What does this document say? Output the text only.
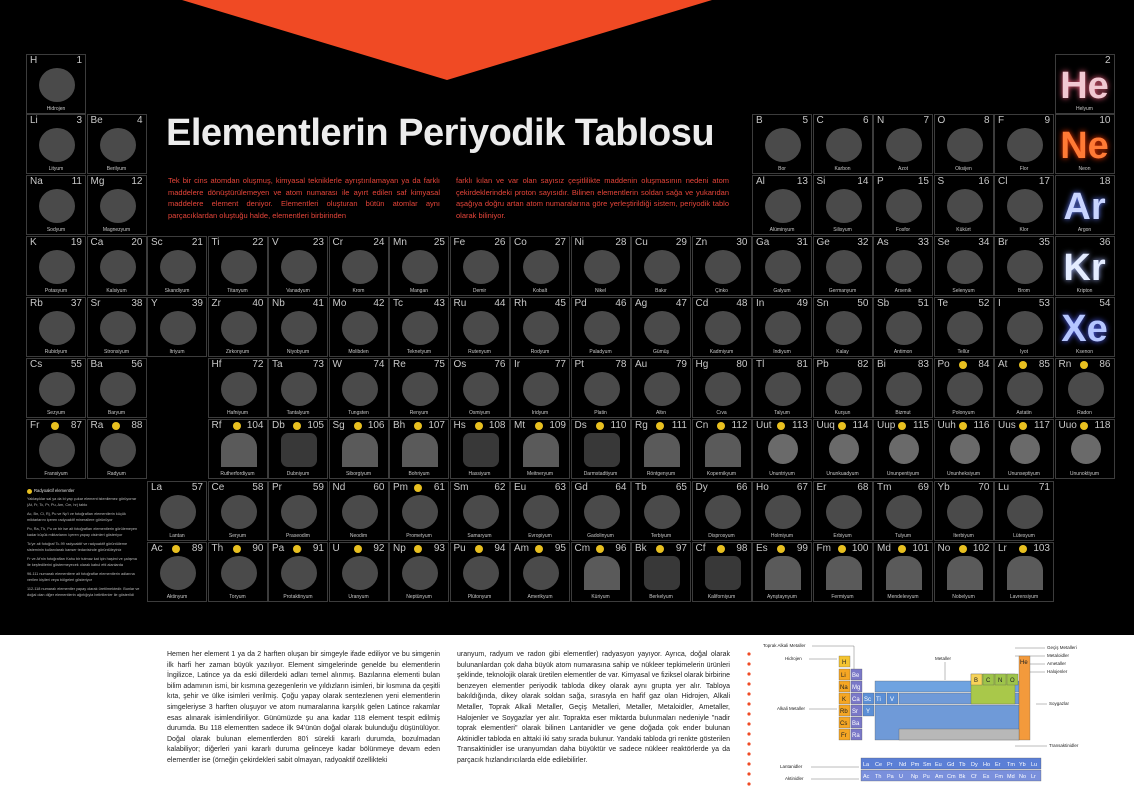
H	1
Hidrojen
2
He
Helyum
Li	3
Lityum
Be	4
Berilyum
B	5
Bor
C	6
Karbon
N	7
Azot
O	8
Oksijen
F	9
Flor
10
Ne
Neon
Na	11
Sodyum
Mg	12
Magnezyum
Al	13
Alüminyum
Si	14
Silisyum
P	15
Fosfor
S	16
Kükürt
Cl	17
Klor
18
Ar
Argon
K	19
Potasyum
Ca	20
Kalsiyum
Sc	21
Skandiyum
Ti	22
Titanyum
V	23
Vanadyum
Cr	24
Krom
Mn	25
Mangan
Fe	26
Demir
Co	27
Kobalt
Ni	28
Nikel
Cu	29
Bakır
Zn	30
Çinko
Ga	31
Galyum
Ge	32
Germanyum
As	33
Arsenik
Se	34
Selenyum
Br	35
Brom
36
Kr
Kripton
Rb	37
Rubidyum
Sr	38
Stronsiyum
Y	39
İtriyum
Zr	40
Zirkonyum
Nb	41
Niyobyum
Mo	42
Molibden
Tc	43
Teknetyum
Ru	44
Rutenyum
Rh	45
Rodyum
Pd	46
Paladyum
Ag	47
Gümüş
Cd	48
Kadmiyum
In	49
İndiyum
Sn	50
Kalay
Sb	51
Antimon
Te	52
Tellür
I	53
İyot
54
Xe
Ksenon
Cs	55
Sezyum
Ba	56
Baryum
Hf	72
Hafniyum
Ta	73
Tantalyum
W	74
Tungsten
Re	75
Renyum
Os	76
Osmiyum
Ir	77
İridyum
Pt	78
Platin
Au	79
Altın
Hg	80
Cıva
Tl	81
Talyum
Pb	82
Kurşun
Bi	83
Bizmut
Po	84
Polonyum
At	85
Astatin
Rn	86
Radon
Fr	87
Fransiyum
Ra	88
Radyum
Rf	104
Rutherfordiyum
Db 105
Dubniyum
Sg 106
Siborgiyum
Bh 107
Bohriyum
Hs 108
Hassiyum
Mt 109
Meitneryum
Ds 110
Darmstadtiyum
Rg 111
Röntgenyum
Cn 112
Kopernikyum
Uut 113
Ununtriyum
Uuq 114
Ununkuadyum
Uup 115
Ununpentiyum
Uuh 116
Ununheksiyum
Uus 117
Ununseptiyum
Uuo 118
Ununoktiyum
La	57
Lantan
Ce	58
Seryum
Pr	59
Praseodim
Nd	60
Neodim
Pm	61
Prometyum
Sm	62
Samaryum
Eu	63
Evropiyum
Gd	64
Gadolinyum
Tb	65
Terbiyum
Dy	66
Disprosyum
Ho	67
Holmiyum
Er	68
Erbiyum
Tm	69
Tulyum
Yb	70
İterbiyum
Lu	71
Lütesyum
Ac	89
Aktinyum
Th	90
Toryum
Pa	91
Protaktinyum
U	92
Uranyum
Np	93
Neptünyum
Pu	94
Plütonyum
Am	95
Amerikyum
Cm	96
Küriyum
Bk	97
Berkelyum
Cf	98
Kaliforniyum
Es	99
Aynştaynyum
Fm 100
Fermiyum
Md 101
Mendelevyum
No 102
Nobelyum
Lr	103
Lavrensiyum
Elementlerin Periyodik Tablosu

Tek bir cins atomdan oluşmuş, kimyasal tekniklerle ayrıştırılamayan ya da farklı maddelere dönüştürülemeyen ve atom numarası ile ayırt edilen saf kimyasal maddelere element deniyor. Elementleri oluşturan bütün atomlar aynı parçacıklardan oluştuğu halde, elementleri birbirinden

farklı kılan ve var olan sayısız çeşitlilikte maddenin oluşmasının nedeni atom çekirdeklerindeki proton sayısıdır. Bilinen elementlerin soldan sağa ve yukarıdan aşağıya doğru artan atom numaralarına göre yerleştirildiği sistem, periyodik tablo olarak biliniyor.

Radyoaktif elementler

Yaklaşıklar sal ya da bi yap çukar element istenilemez görüyorrar (At, Fr, Tc, Pr, Pu, Am, Cm, hr) tablo

Ac, Bn, Ci, Rj, Pu ve Np'i ve fotoğrafları elementlerin küçük miktarlarını içeren radyoaktif minerallere görünüyor

Po, Ra, Th, Pu ve bir ise ait fotoğrafları elementlerin görülemeyen kadar küçük miktarlarını içeren yapay cisimleri gösteriyor

Tc'ye ait fotoğraf Tc-99 radyoaktif ve radyoaktif görüntüleme sisteminin kullanılarak kanser tedavisinde görüntüleyiniz

Fr ve At'nin fotoğrafları Kahu bir tutmaz kat için haşimi ve çalışma ile keşfedilerini göstermeyecek olarak kabul etti alanlarda

96-111 numaralı elementlere ait fotoğraflar elementlerin adlarına verilen kişileri veya bölgeleri gösteriyor

112-118 numaralı elementler yapay olarak üretilmektedir. Bunlar ve doğal olan diğer elementlerin ağırlığıyla belirtilenler ile gösterildi

Hemen her element 1 ya da 2 harften oluşan bir simgeyle ifade ediliyor ve bu simgenin ilk harfi her zaman büyük yazılıyor. Element simgelerinde genelde bu elementlerin İngilizce, Latince ya da eski dillerdeki adları temel alınmış. Bazılarına elementi bulan bilim adamının ismi, bir kısmına gezegenlerin ve yıldızların isimleri, bir kısmına da çeşitli kıta, şehir ve ülke isimleri verilmiş. Çoğu yapay olarak sentezlenen yeni elementlerin simgeleriyse 3 harften oluşuyor ve atom numaralarına karşılık gelen Latince rakamlar esas alınarak isimlendiriliyor. Günümüzde şu ana kadar 118 element tespit edilmiş durumda. Bu 118 elementten sadece ilk 94'ünün doğal olarak bulunduğu düşünülüyor. Doğal olarak bulunan elementlerden 80'i sürekli kararlı durumda, bozulmadan kalabiliyor; diğerleri yani kararlı duruma gelinceye kadar bölünmeye devam eden elementler ise (örneğin çekirdekleri sabit olmayan, radyoaktif özellikteki

uranyum, radyum ve radon gibi elementler) radyasyon yayıyor. Ayrıca, doğal olarak bulunanlardan çok daha büyük atom numarasına sahip ve nükleer tepkimelerin ürünleri şeklinde, teknolojik olarak üretilen elementler de var. Kimyasal ve fiziksel olarak birbirine benzeyen elementler periyodik tabloda dikey olarak aynı grupta yer alır. Tabloya bakıldığında, dikey olarak soldan sağa, sırasıyla en hafif gaz olan Hidrojen, Alkali Metaller, Toprak Alkali Metaller, Geçiş Metalleri, Metaller, Metaloidler, Ametaller, Halojenler ve Soygazlar yer alır. Toprakta eser miktarda bulunmaları nedeniyle "nadir toprak elementleri" olarak bilinen Lantanidler ve gene doğada çok ender bulunan Aktinidler tabloda en alttaki iki satıy sırada bulunur. Yandaki tabloda gri renkte gösterilen Transaktinidler ise uranyumdan daha büyüktür ve sadece nükleer reaktörlerde ya da parçacık hızlandırıcılarda elde edilebilirler.

Toprak Alkali Metaller
Hidrojen
Alkali Metaller
Lantanidler
Aktinidler
Metaller
Geçiş Metalleri
Metaloidler
Ametaller
Halojenler
Soygazlar
Transaktinidler
H
Li Be
Na Mg
K Ca Sc Ti V
Rb Sr Y
Cs Ba
Fr Ra
B C N O
He
La Ce Pr Nd Pm Sm Eu Gd Tb Dy Ho Er Tm Yb Lu
Ac Th Pa U Np Pu Am Cm Bk Cf Es Fm Md No Lr
